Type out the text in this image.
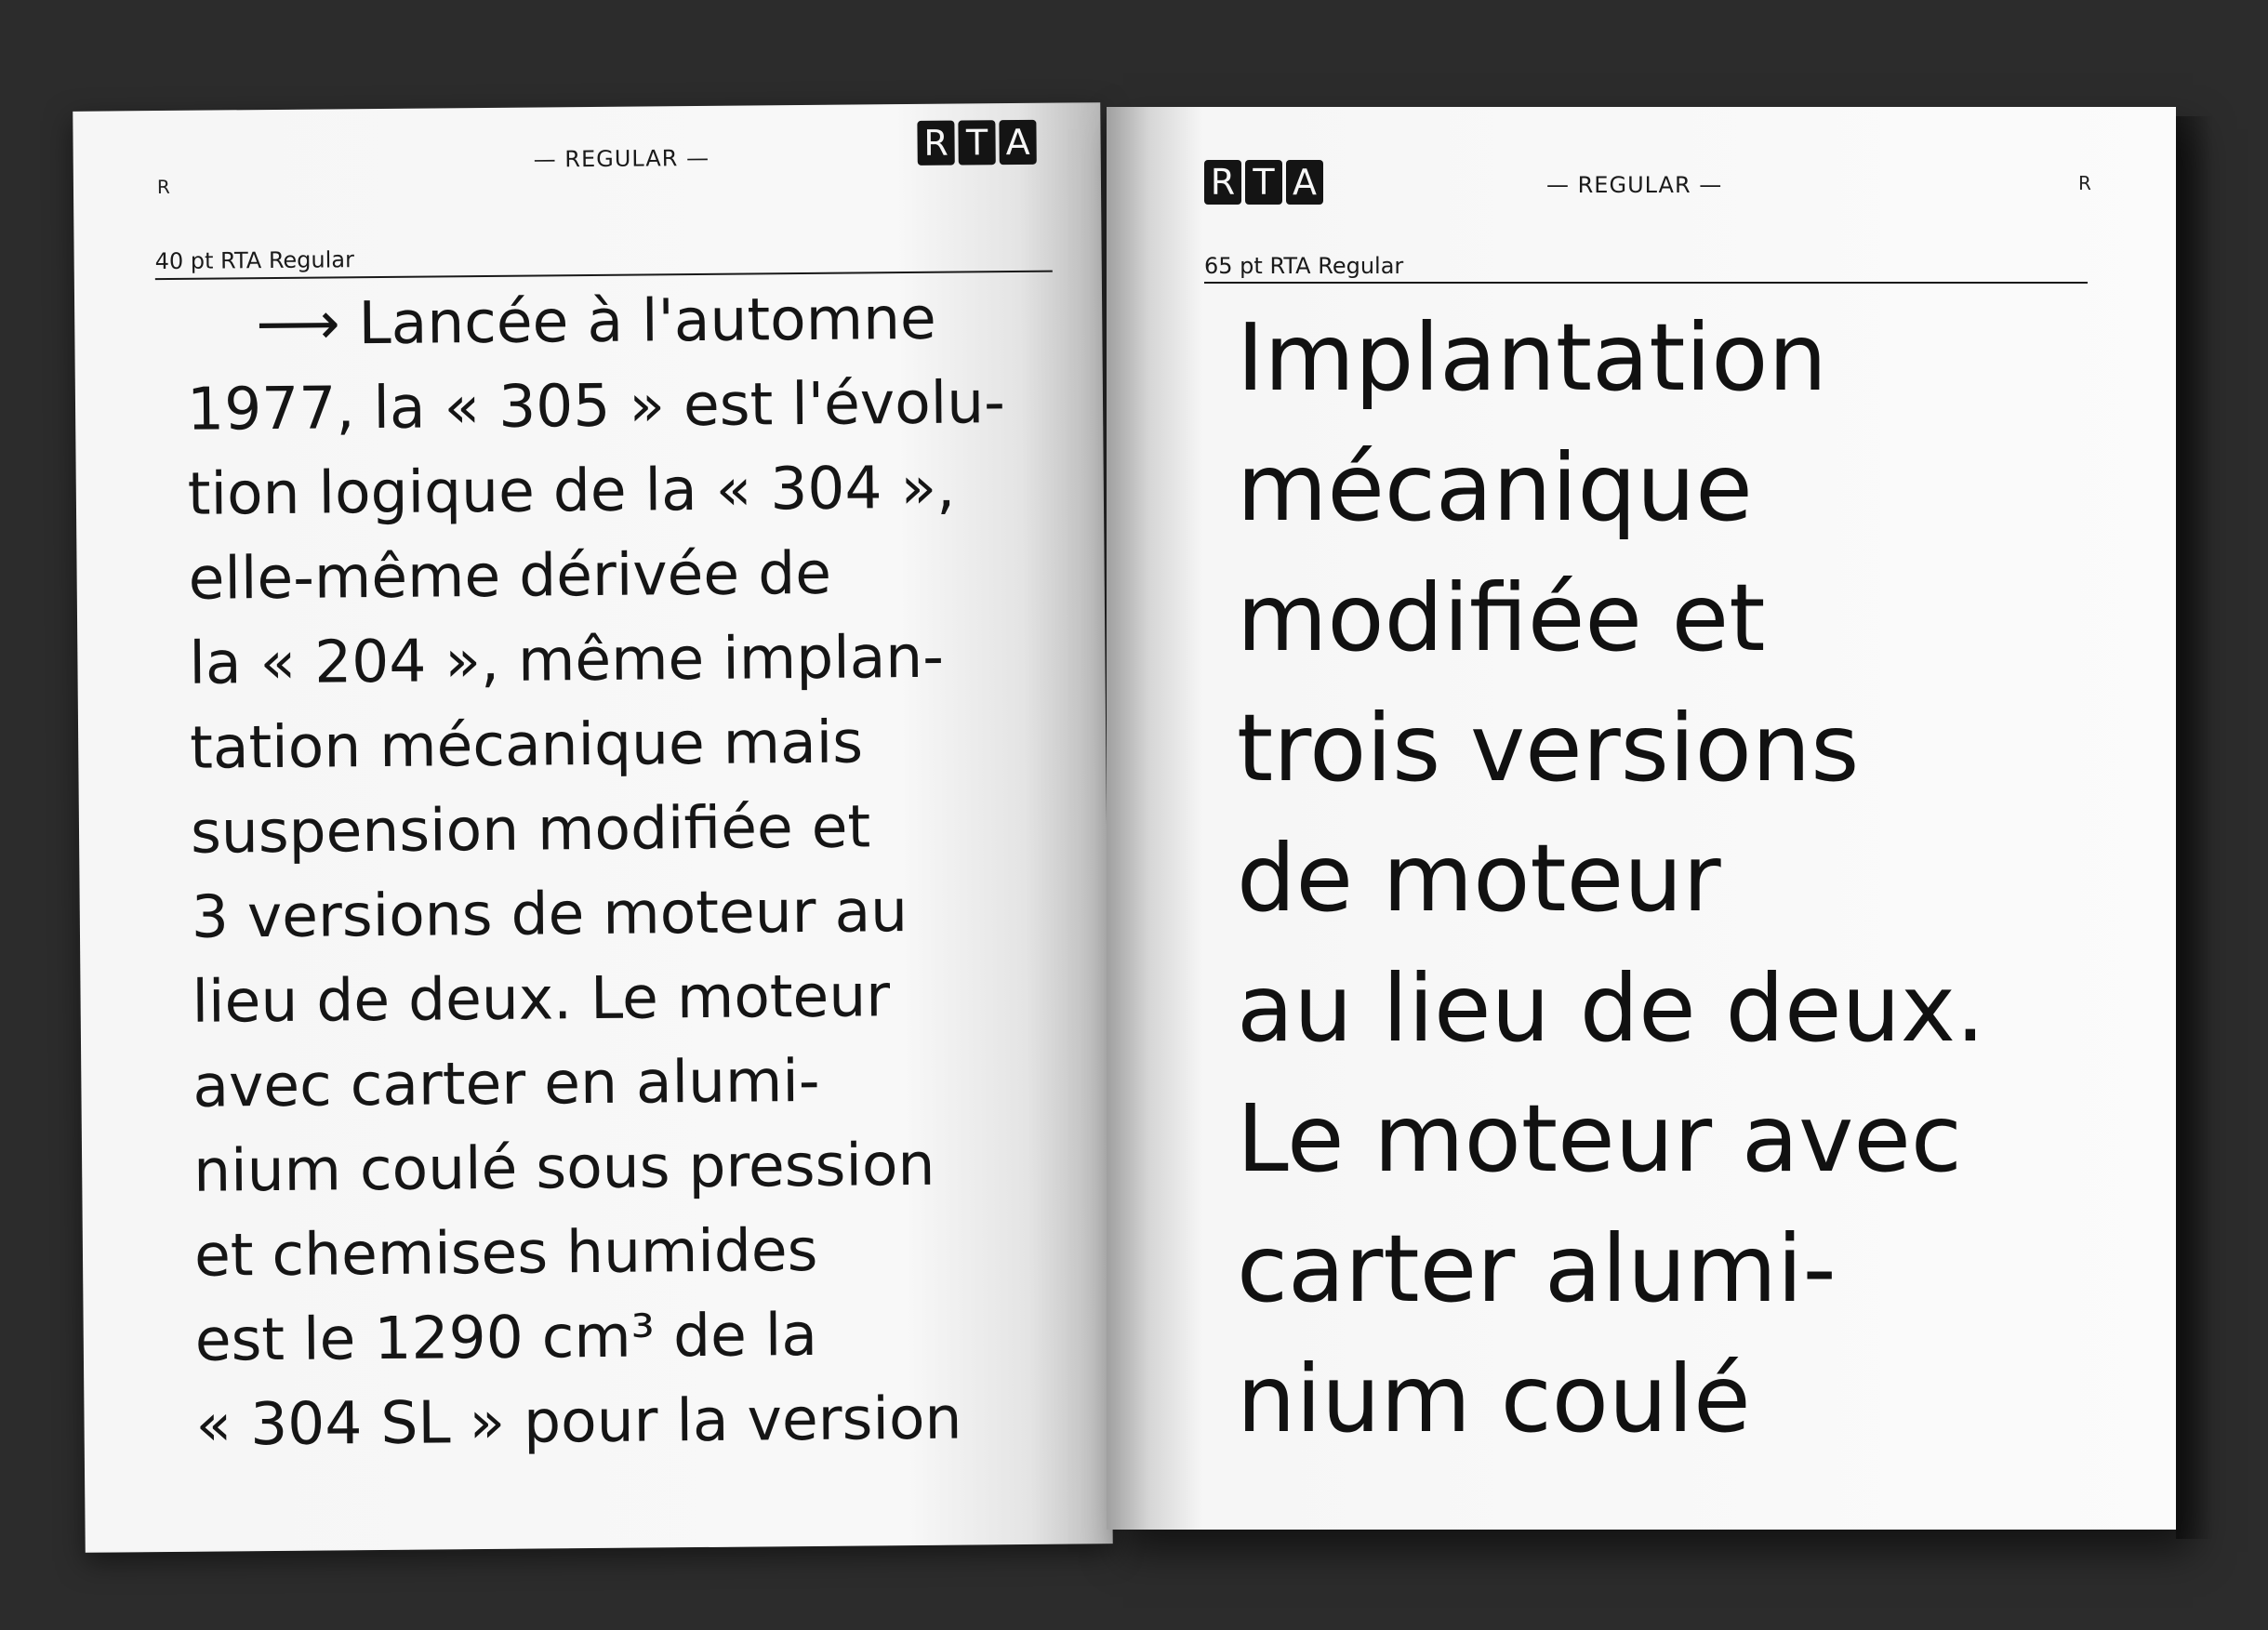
R
— REGULAR —	R T A
40 pt RTA Regular
⟶ Lancée à l'automne
1977, la « 305 » est l'évolu-
tion logique de la « 304 »,
elle-même dérivée de
la « 204 », même implan-
tation mécanique mais
suspension modifiée et
3 versions de moteur au
lieu de deux. Le moteur
avec carter en alumi-
nium coulé sous pression
et chemises humides
est le 1290 cm³ de la
« 304 SL » pour la version
R T A	— REGULAR —	R
65 pt RTA Regular
Implantation
mécanique
modifiée et
trois versions
de moteur
au lieu de deux.
Le moteur avec
carter alumi-
nium coulé
